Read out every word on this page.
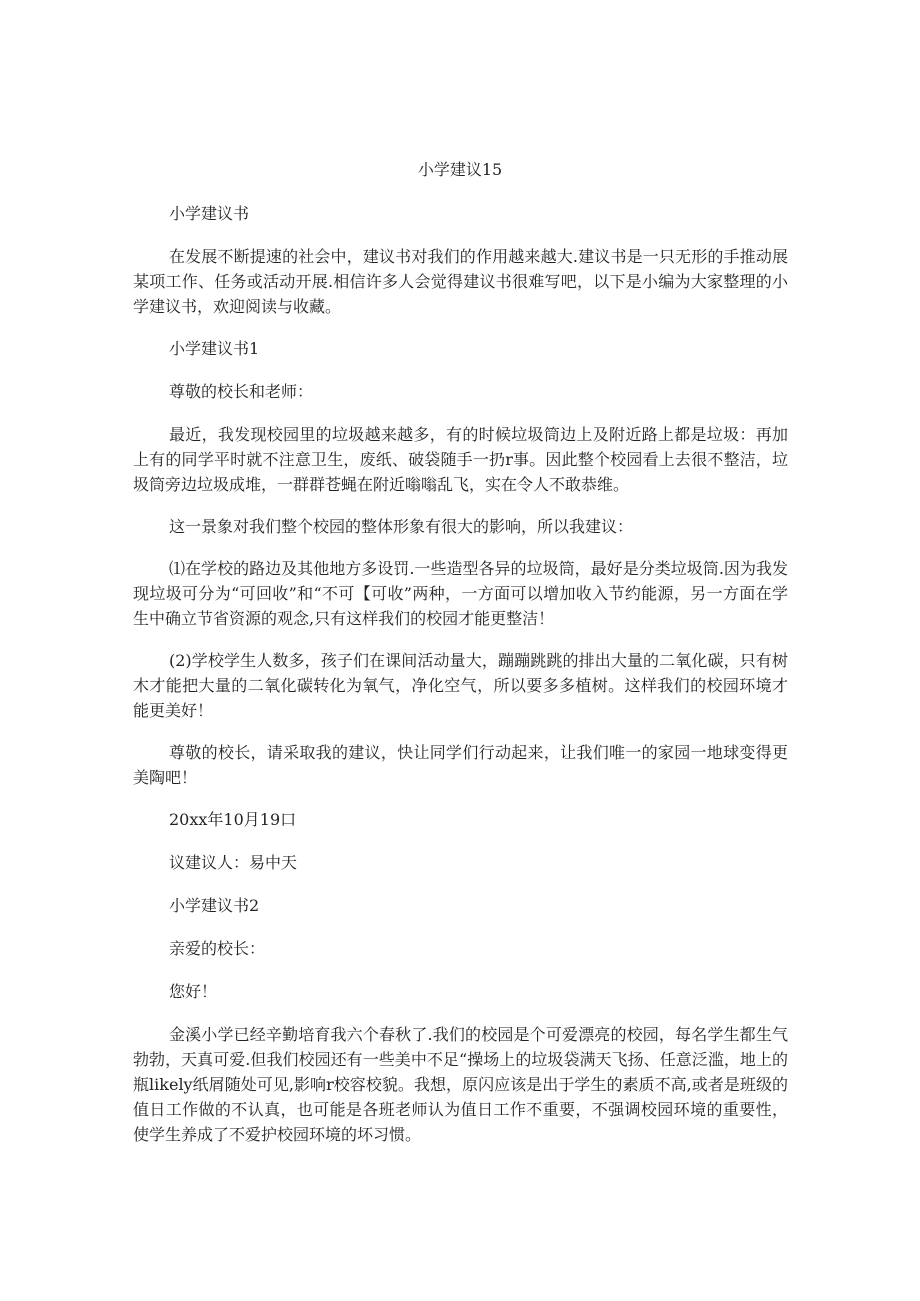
小学建议15

小学建议书

在发展不断提速的社会中，建议书对我们的作用越来越大.建议书是一只无形的手推动展某项工作、任务或活动开展.相信许多人会觉得建议书很难写吧，以下是小编为大家整理的小学建议书，欢迎阅读与收藏。

小学建议书1

尊敬的校长和老师：

最近，我发现校园里的垃圾越来越多，有的时候垃圾筒边上及附近路上都是垃圾：再加上有的同学平时就不注意卫生，废纸、破袋随手一扔r事。因此整个校园看上去很不整洁，垃圾筒旁边垃圾成堆，一群群苍蝇在附近嗡嗡乱飞，实在令人不敢恭维。

这一景象对我们整个校园的整体形象有很大的影响，所以我建议：

⑴在学校的路边及其他地方多设罚.一些造型各异的垃圾筒，最好是分类垃圾筒.因为我发现垃圾可分为“可回收”和“不可【可收”两种，一方面可以增加收入节约能源，另一方面在学生中确立节省资源的观念,只有这样我们的校园才能更整洁！

(2)学校学生人数多，孩子们在课间活动量大，蹦蹦跳跳的排出大量的二氧化碳，只有树木才能把大量的二氧化碳转化为氧气，净化空气，所以要多多植树。这样我们的校园环境才能更美好！

尊敬的校长，请采取我的建议，快让同学们行动起来，让我们唯一的家园一地球变得更美陶吧！

20xx年10月19口

议建议人：易中天

小学建议书2

亲爱的校长：

您好！

金溪小学已经辛勤培育我六个春秋了.我们的校园是个可爱漂亮的校园，每名学生都生气勃勃，天真可爱.但我们校园还有一些美中不足“操场上的垃圾袋满天飞扬、任意泛滥，地上的瓶likely纸屑随处可见,影响r校容校貌。我想，原闪应该是出于学生的素质不高,或者是班级的值日工作做的不认真，也可能是各班老师认为值日工作不重要，不强调校园环境的重要性，使学生养成了不爱护校园环境的坏习惯。
